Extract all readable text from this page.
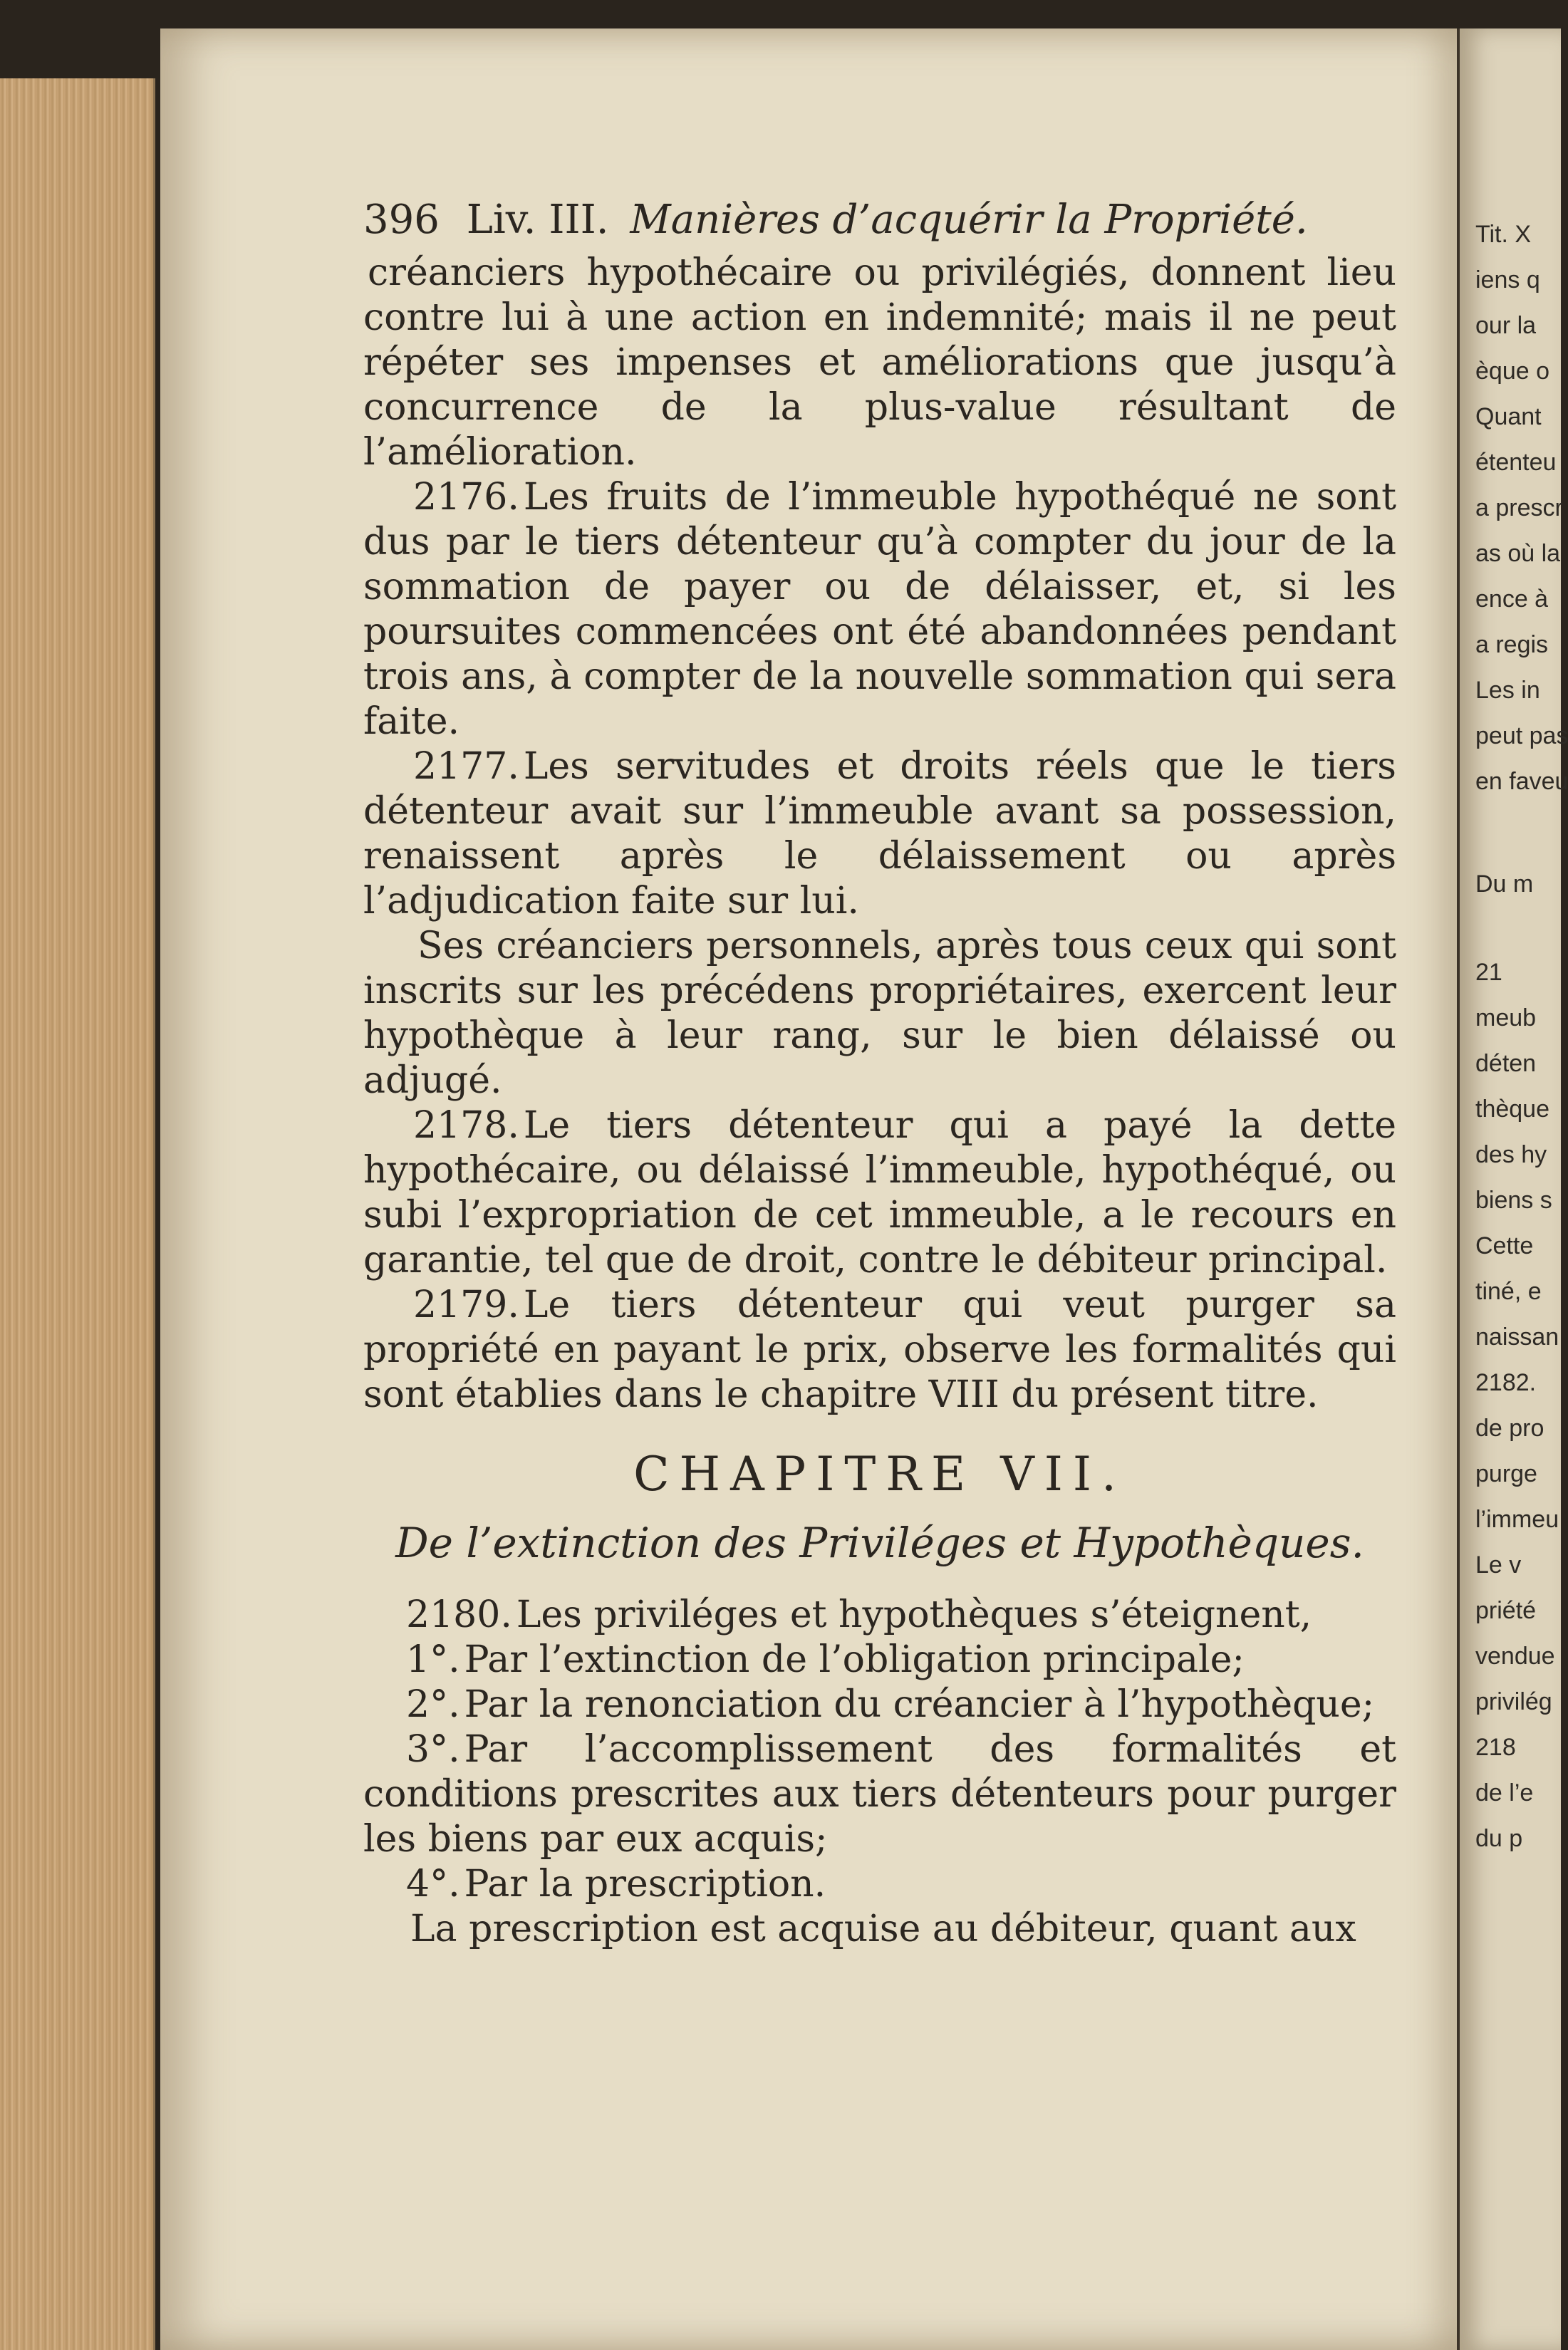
Tit. X
iens q
our la
èque o
Quant
étenteu
a prescr
as où la
ence à
a regis
Les in
peut pas
en faveu
Du m
21
meub
déten
thèque
des hy
biens s
Cette
tiné, e
naissan
2182.
de pro
purge
l’immeu
Le v
priété
vendue
privilég
218
de l’e
du p
396 Liv. III. Manières d’acquérir la Propriété.

créanciers hypothécaire ou privilégiés, donnent lieu contre lui à une action en indemnité; mais il ne peut répéter ses impenses et améliorations que jusqu’à concurrence de la plus-value résultant de l’amélioration.

2176. Les fruits de l’immeuble hypothéqué ne sont dus par le tiers détenteur qu’à compter du jour de la sommation de payer ou de délaisser, et, si les poursuites commencées ont été abandonnées pendant trois ans, à compter de la nouvelle sommation qui sera faite.

2177. Les servitudes et droits réels que le tiers détenteur avait sur l’immeuble avant sa possession, renaissent après le délaissement ou après l’adjudication faite sur lui.

Ses créanciers personnels, après tous ceux qui sont inscrits sur les précédens propriétaires, exercent leur hypothèque à leur rang, sur le bien délaissé ou adjugé.

2178. Le tiers détenteur qui a payé la dette hypothécaire, ou délaissé l’immeuble, hypothéqué, ou subi l’expropriation de cet immeuble, a le recours en garantie, tel que de droit, contre le débiteur principal.

2179. Le tiers détenteur qui veut purger sa propriété en payant le prix, observe les formalités qui sont établies dans le chapitre VIII du présent titre.

CHAPITRE VII.
De l’extinction des Priviléges et Hypothèques.

2180. Les priviléges et hypothèques s’éteignent,

1°. Par l’extinction de l’obligation principale;

2°. Par la renonciation du créancier à l’hypothèque;

3°. Par l’accomplissement des formalités et conditions prescrites aux tiers détenteurs pour purger les biens par eux acquis;

4°. Par la prescription.

La prescription est acquise au débiteur, quant aux
